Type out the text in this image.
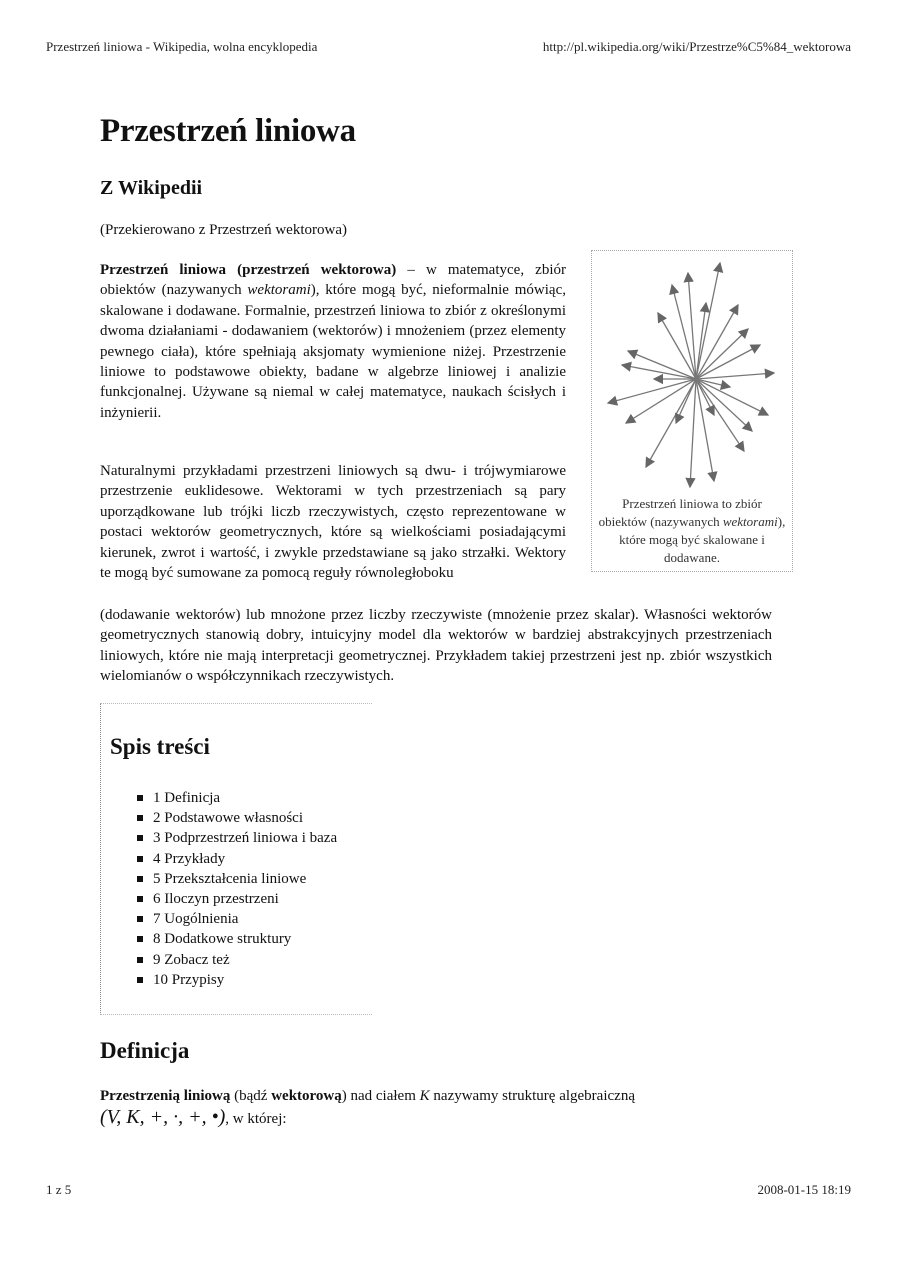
Przestrzeń liniowa - Wikipedia, wolna encyklopedia	http://pl.wikipedia.org/wiki/Przestrze%C5%84_wektorowa
Przestrzeń liniowa
Z Wikipedii
(Przekierowano z Przestrzeń wektorowa)

Przestrzeń liniowa (przestrzeń wektorowa) – w matematyce, zbiór obiektów (nazywanych wektorami), które mogą być, nieformalnie mówiąc, skalowane i dodawane. Formalnie, przestrzeń liniowa to zbiór z określonymi dwoma działaniami - dodawaniem (wektorów) i mnożeniem (przez elementy pewnego ciała), które spełniają aksjomaty wymienione niżej. Przestrzenie liniowe to podstawowe obiekty, badane w algebrze liniowej i analizie funkcjonalnej. Używane są niemal w całej matematyce, naukach ścisłych i inżynierii.

Przestrzeń liniowa to zbiór obiektów (nazywanych wektorami), które mogą być skalowane i dodawane.

Naturalnymi przykładami przestrzeni liniowych są dwu- i trójwymiarowe przestrzenie euklidesowe. Wektorami w tych przestrzeniach są pary uporządkowane lub trójki liczb rzeczywistych, często reprezentowane w postaci wektorów geometrycznych, które są wielkościami posiadającymi kierunek, zwrot i wartość, i zwykle przedstawiane są jako strzałki. Wektory te mogą być sumowane za pomocą reguły równoległoboku

(dodawanie wektorów) lub mnożone przez liczby rzeczywiste (mnożenie przez skalar). Własności wektorów geometrycznych stanowią dobry, intuicyjny model dla wektorów w bardziej abstrakcyjnych przestrzeniach liniowych, które nie mają interpretacji geometrycznej. Przykładem takiej przestrzeni jest np. zbiór wszystkich wielomianów o współczynnikach rzeczywistych.

Spis treści
1 Definicja
2 Podstawowe własności
3 Podprzestrzeń liniowa i baza
4 Przykłady
5 Przekształcenia liniowe
6 Iloczyn przestrzeni
7 Uogólnienia
8 Dodatkowe struktury
9 Zobacz też
10 Przypisy
Definicja
Przestrzenią liniową (bądź wektorową) nad ciałem K nazywamy strukturę algebraiczną
(V, K, +, ·, +, •), w której:
1 z 5	2008-01-15 18:19
